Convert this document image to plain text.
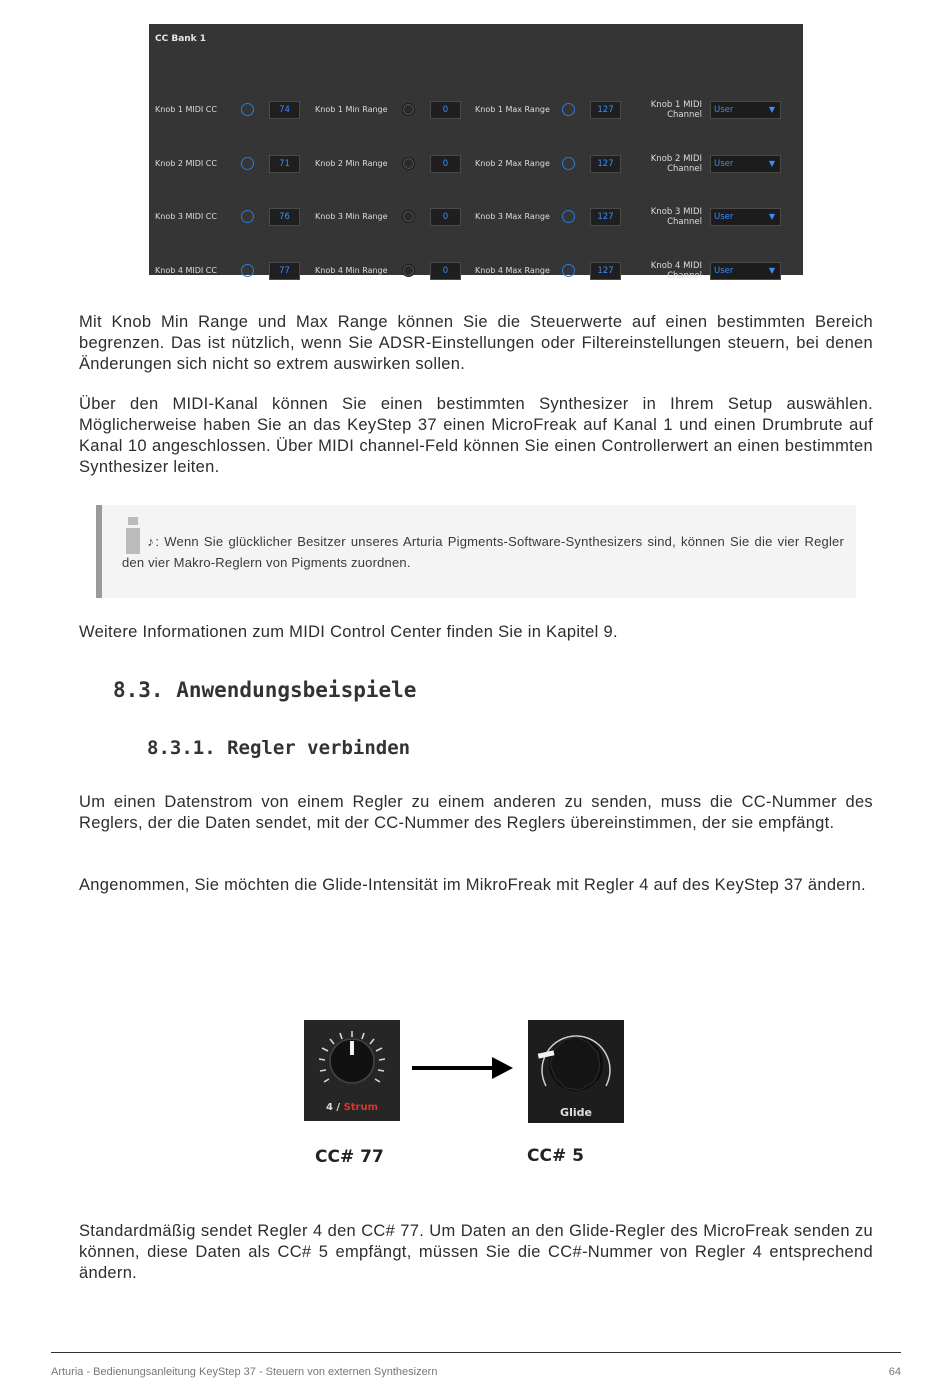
CC Bank 1
Knob 1 MIDI CC	74	Knob 1 Min Range	0	Knob 1 Max Range	127	Knob 1 MIDI
Channel	User	▼
Knob 2 MIDI CC	71	Knob 2 Min Range	0	Knob 2 Max Range	127	Knob 2 MIDI
Channel	User	▼
Knob 3 MIDI CC	76	Knob 3 Min Range	0	Knob 3 Max Range	127	Knob 3 MIDI
Channel	User	▼
Knob 4 MIDI CC	77	Knob 4 Min Range	0	Knob 4 Max Range	127	Knob 4 MIDI
Channel	User	▼

Mit Knob Min Range und Max Range können Sie die Steuerwerte auf einen bestimmten Bereich begrenzen. Das ist nützlich, wenn Sie ADSR-Einstellungen oder Filtereinstellungen steuern, bei denen Änderungen sich nicht so extrem auswirken sollen.

Über den MIDI-Kanal können Sie einen bestimmten Synthesizer in Ihrem Setup auswählen. Möglicherweise haben Sie an das KeyStep 37 einen MicroFreak auf Kanal 1 und einen Drumbrute auf Kanal 10 angeschlossen. Über MIDI channel-Feld können Sie einen Controllerwert an einen bestimmten Synthesizer leiten.

♪: Wenn Sie glücklicher Besitzer unseres Arturia Pigments-Software-Synthesizers sind, können Sie die vier Regler den vier Makro-Reglern von Pigments zuordnen.

Weitere Informationen zum MIDI Control Center finden Sie in Kapitel 9.

8.3. Anwendungsbeispiele
8.3.1. Regler verbinden

Um einen Datenstrom von einem Regler zu einem anderen zu senden, muss die CC-Nummer des Reglers, der die Daten sendet, mit der CC-Nummer des Reglers übereinstimmen, der sie empfängt.

Angenommen, Sie möchten die Glide-Intensität im MikroFreak mit Regler 4 auf des KeyStep 37 ändern.

4 / Strum	Glide
CC# 77	CC# 5

Standardmäßig sendet Regler 4 den CC# 77. Um Daten an den Glide-Regler des MicroFreak senden zu können, diese Daten als CC# 5 empfängt, müssen Sie die CC#-Nummer von Regler 4 entsprechend ändern.

Arturia - Bedienungsanleitung KeyStep 37 - Steuern von externen Synthesizern	64
